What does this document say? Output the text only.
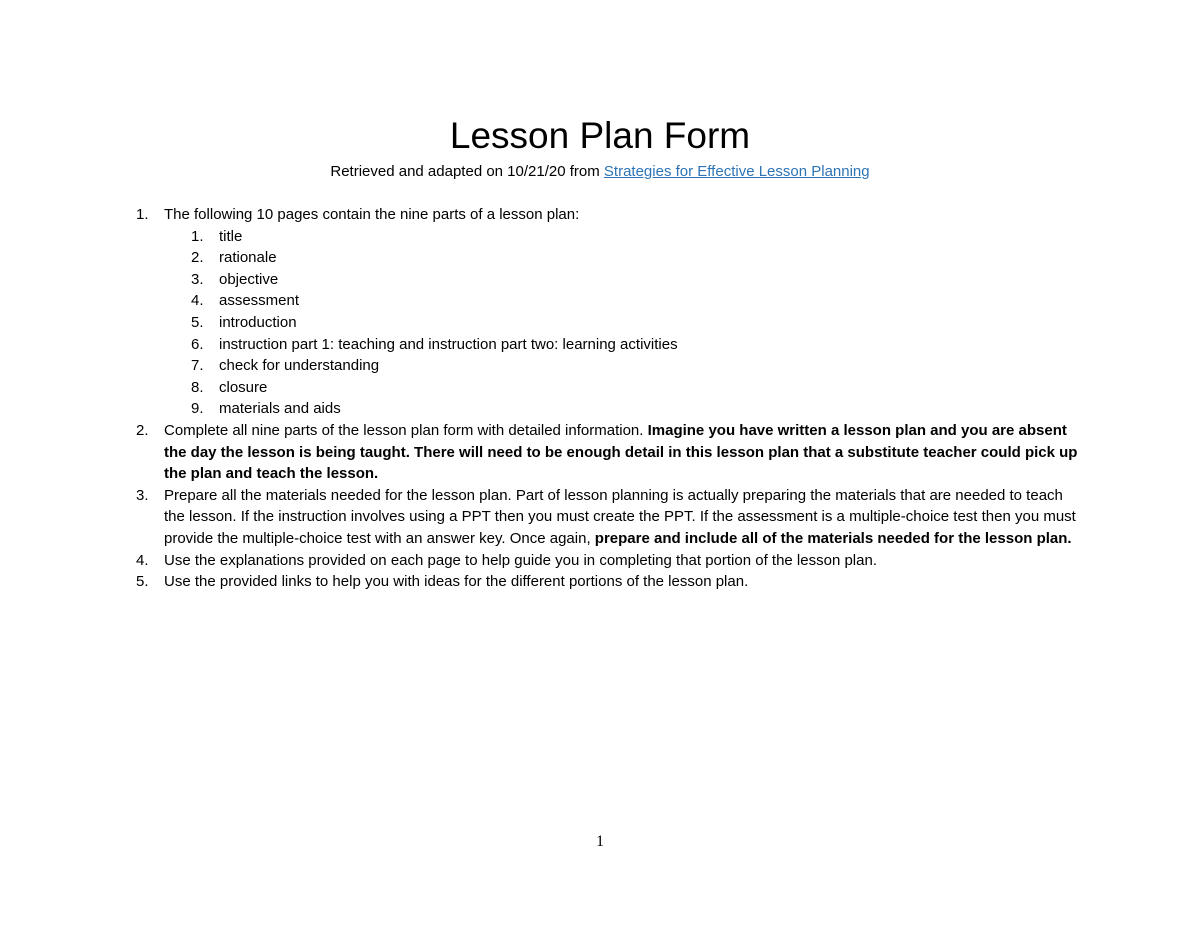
Lesson Plan Form
Retrieved and adapted on 10/21/20 from Strategies for Effective Lesson Planning
1. The following 10 pages contain the nine parts of a lesson plan:
1. title
2. rationale
3. objective
4. assessment
5. introduction
6. instruction part 1: teaching and instruction part two: learning activities
7. check for understanding
8. closure
9. materials and aids
2. Complete all nine parts of the lesson plan form with detailed information. Imagine you have written a lesson plan and you are absent the day the lesson is being taught. There will need to be enough detail in this lesson plan that a substitute teacher could pick up the plan and teach the lesson.
3. Prepare all the materials needed for the lesson plan. Part of lesson planning is actually preparing the materials that are needed to teach the lesson. If the instruction involves using a PPT then you must create the PPT. If the assessment is a multiple-choice test then you must provide the multiple-choice test with an answer key. Once again, prepare and include all of the materials needed for the lesson plan.
4. Use the explanations provided on each page to help guide you in completing that portion of the lesson plan.
5. Use the provided links to help you with ideas for the different portions of the lesson plan.
1
